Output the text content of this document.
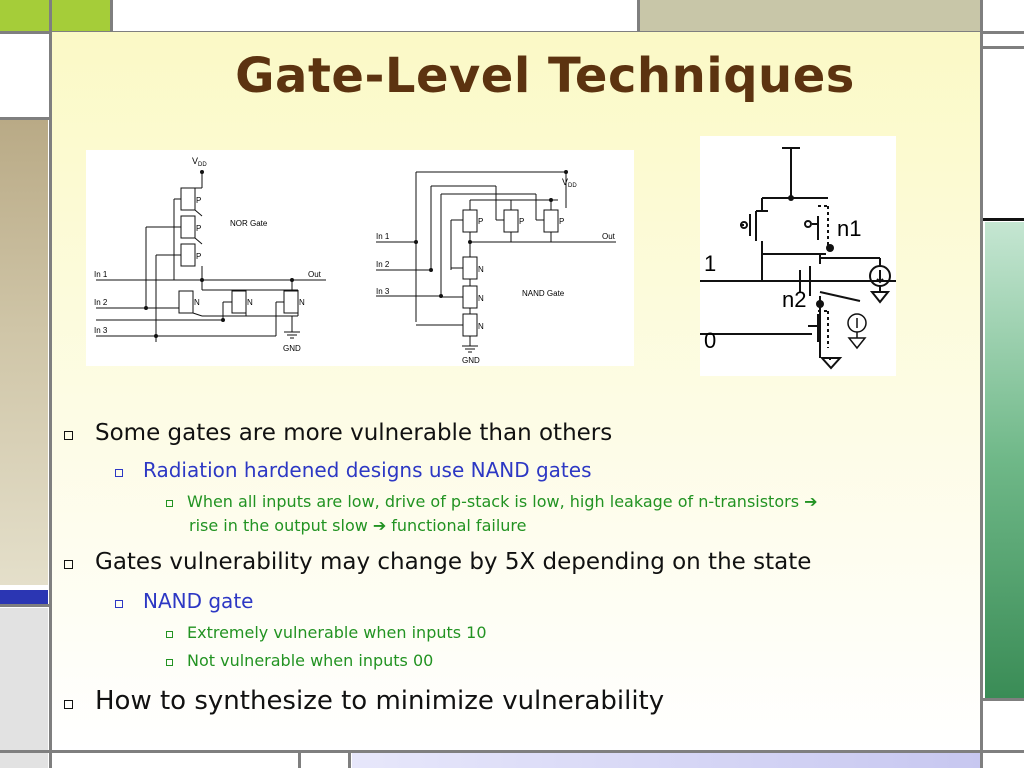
Gate-Level Techniques
$V_{DD}$
P
P
P
NOR Gate
N	N	N
In 1
In 2
In 3
Out
GND
$V_{DD}$
P	P	P
N
N
N
NAND Gate
In 1
In 2
In 3
Out
GND
n1
n2
1
0
Some gates are more vulnerable than others
Radiation hardened designs use NAND gates
When all inputs are low, drive of p-stack is low, high leakage of n-transistors ➔
rise in the output slow ➔ functional failure
Gates vulnerability may change by 5X depending on the state
NAND gate
Extremely vulnerable when inputs 10
Not vulnerable when inputs 00
How to synthesize to minimize vulnerability
